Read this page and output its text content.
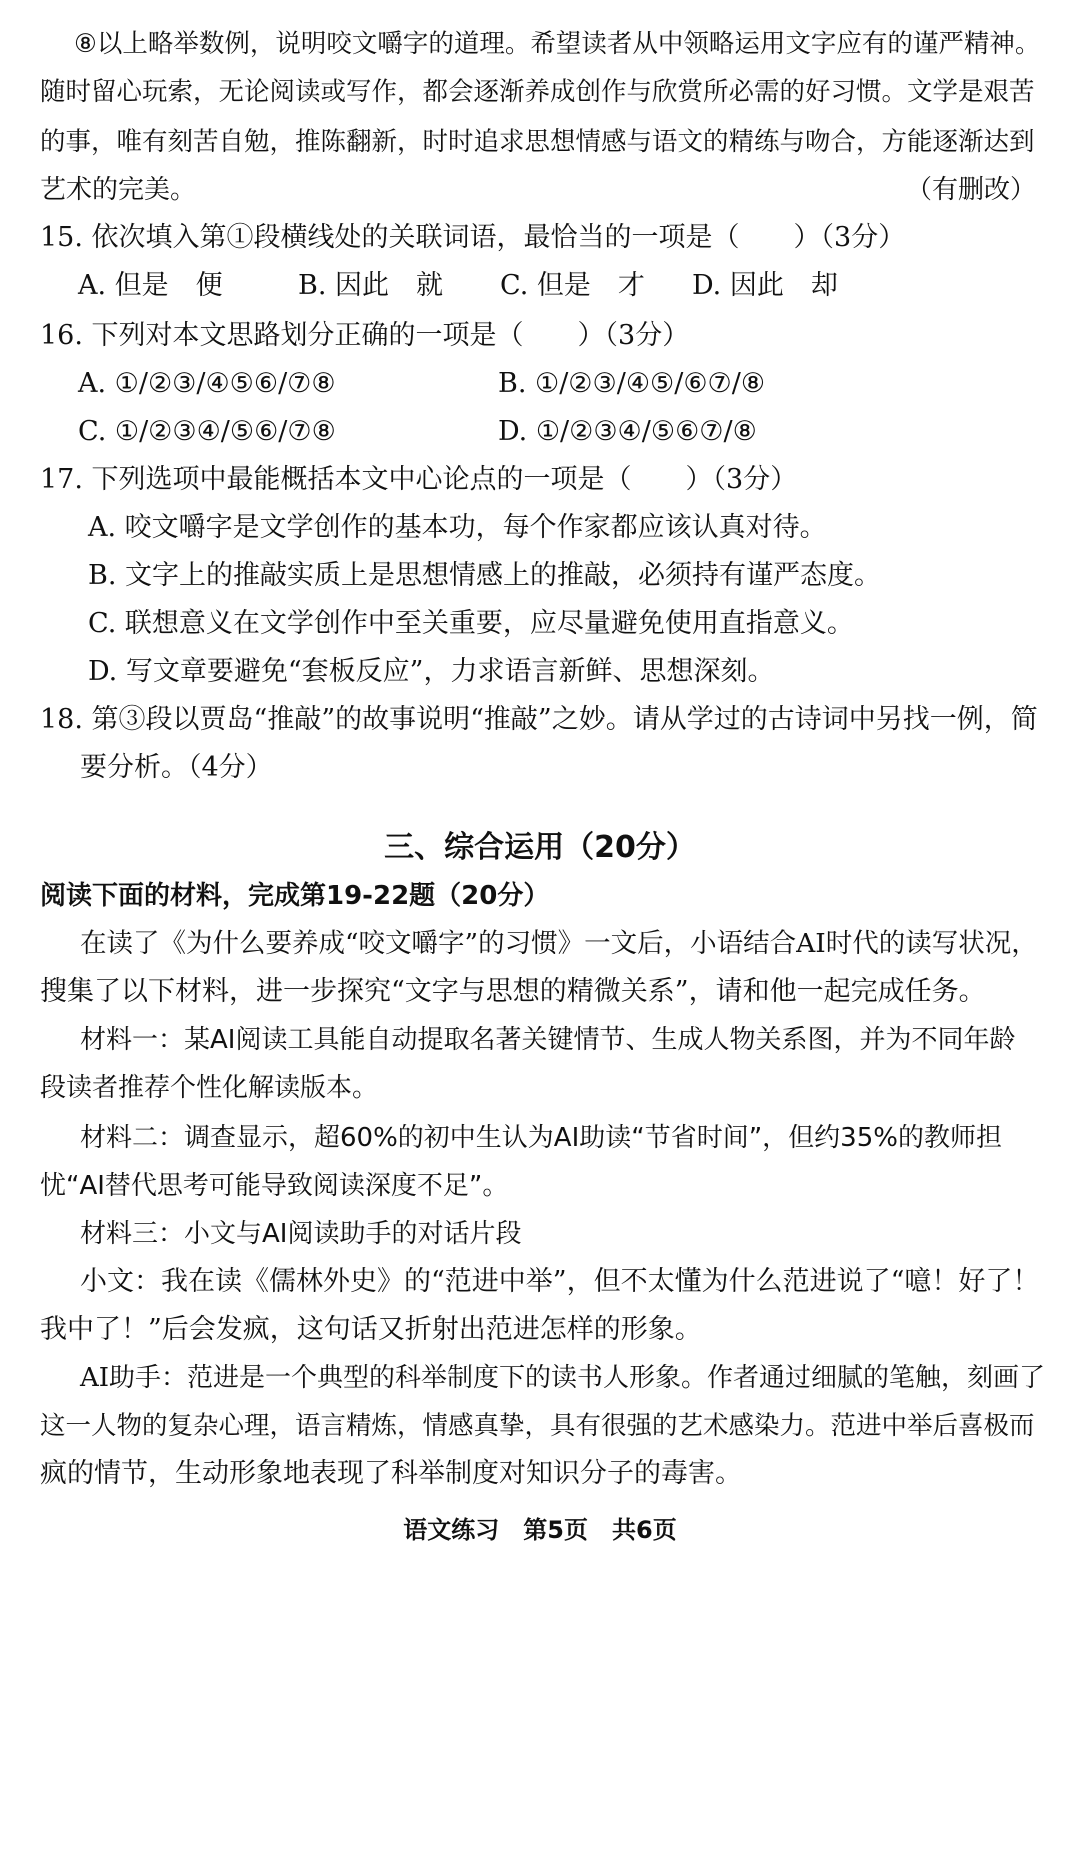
⑧以上略举数例，说明咬文嚼字的道理。希望读者从中领略运用文字应有的谨严精神。
随时留心玩索，无论阅读或写作，都会逐渐养成创作与欣赏所必需的好习惯。文学是艰苦
的事，唯有刻苦自勉，推陈翻新，时时追求思想情感与语文的精练与吻合，方能逐渐达到
艺术的完美。	（有删改）
15. 依次填入第①段横线处的关联词语，最恰当的一项是（　　）（3分）
A. 但是　便	B. 因此　就 C. 但是　才 D. 因此　却
16. 下列对本文思路划分正确的一项是（　　）（3分）
A. ①/②③/④⑤⑥/⑦⑧	B. ①/②③/④⑤/⑥⑦/⑧
C. ①/②③④/⑤⑥/⑦⑧	D. ①/②③④/⑤⑥⑦/⑧
17. 下列选项中最能概括本文中心论点的一项是（　　）（3分）
A. 咬文嚼字是文学创作的基本功，每个作家都应该认真对待。
B. 文字上的推敲实质上是思想情感上的推敲，必须持有谨严态度。
C. 联想意义在文学创作中至关重要，应尽量避免使用直指意义。
D. 写文章要避免“套板反应”，力求语言新鲜、思想深刻。
18. 第③段以贾岛“推敲”的故事说明“推敲”之妙。请从学过的古诗词中另找一例，简
要分析。（4分）
三、综合运用（20分）
阅读下面的材料，完成第19-22题（20分）
在读了《为什么要养成“咬文嚼字”的习惯》一文后，小语结合AI时代的读写状况，
搜集了以下材料，进一步探究“文字与思想的精微关系”，请和他一起完成任务。
材料一：某AI阅读工具能自动提取名著关键情节、生成人物关系图，并为不同年龄
段读者推荐个性化解读版本。
材料二：调查显示，超60%的初中生认为AI助读“节省时间”，但约35%的教师担
忧“AI替代思考可能导致阅读深度不足”。
材料三：小文与AI阅读助手的对话片段
小文：我在读《儒林外史》的“范进中举”，但不太懂为什么范进说了“噫！好了！
我中了！”后会发疯，这句话又折射出范进怎样的形象。
AI助手：范进是一个典型的科举制度下的读书人形象。作者通过细腻的笔触，刻画了
这一人物的复杂心理，语言精炼，情感真挚，具有很强的艺术感染力。范进中举后喜极而
疯的情节，生动形象地表现了科举制度对知识分子的毒害。
语文练习　第5页　共6页
